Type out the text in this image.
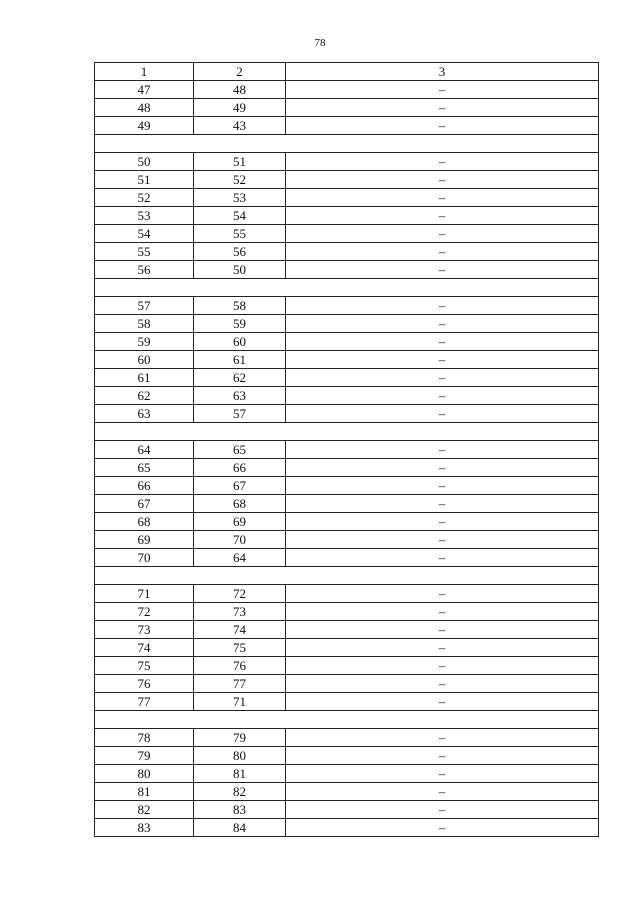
78
1	2	3
47	48	–
48	49	–
49	43	–

50	51	–
51	52	–
52	53	–
53	54	–
54	55	–
55	56	–
56	50	–

57	58	–
58	59	–
59	60	–
60	61	–
61	62	–
62	63	–
63	57	–

64	65	–
65	66	–
66	67	–
67	68	–
68	69	–
69	70	–
70	64	–

71	72	–
72	73	–
73	74	–
74	75	–
75	76	–
76	77	–
77	71	–

78	79	–
79	80	–
80	81	–
81	82	–
82	83	–
83	84	–
